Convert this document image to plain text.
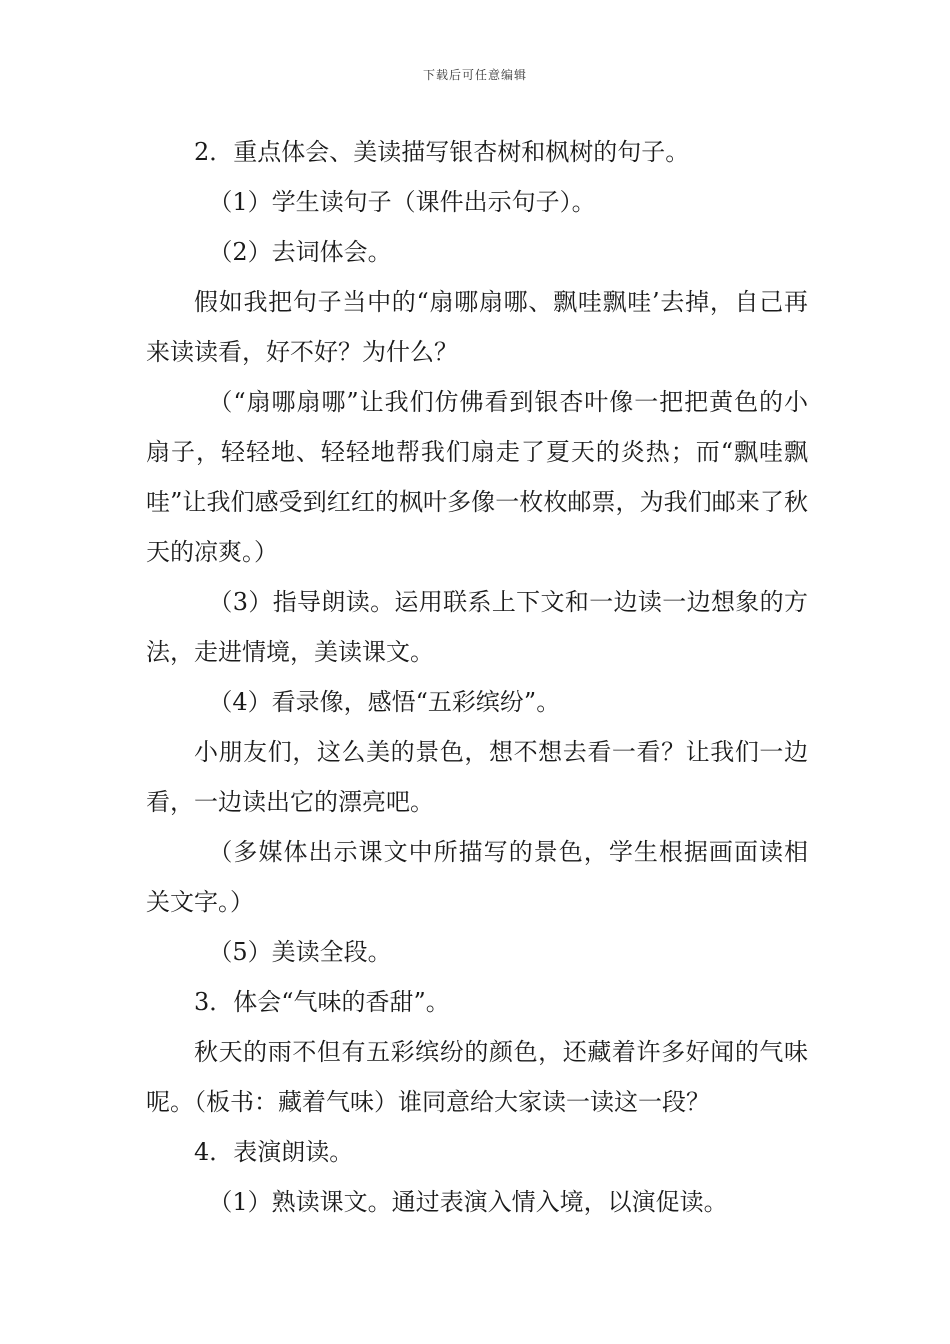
下载后可任意编辑

2．重点体会、美读描写银杏树和枫树的句子。

（1）学生读句子（课件出示句子）。

（2）去词体会。

假如我把句子当中的“扇哪扇哪、飘哇飘哇’去掉，自己再来读读看，好不好？为什么？

（“扇哪扇哪”让我们仿佛看到银杏叶像一把把黄色的小扇子，轻轻地、轻轻地帮我们扇走了夏天的炎热；而“飘哇飘哇”让我们感受到红红的枫叶多像一枚枚邮票，为我们邮来了秋天的凉爽。）

（3）指导朗读。运用联系上下文和一边读一边想象的方法，走进情境，美读课文。

（4）看录像，感悟“五彩缤纷”。

小朋友们，这么美的景色，想不想去看一看？让我们一边看，一边读出它的漂亮吧。

（多媒体出示课文中所描写的景色，学生根据画面读相关文字。）

（5）美读全段。

3．体会“气味的香甜”。

秋天的雨不但有五彩缤纷的颜色，还藏着许多好闻的气味呢。（板书：藏着气味）谁同意给大家读一读这一段？

4．表演朗读。

（1）熟读课文。通过表演入情入境，以演促读。
